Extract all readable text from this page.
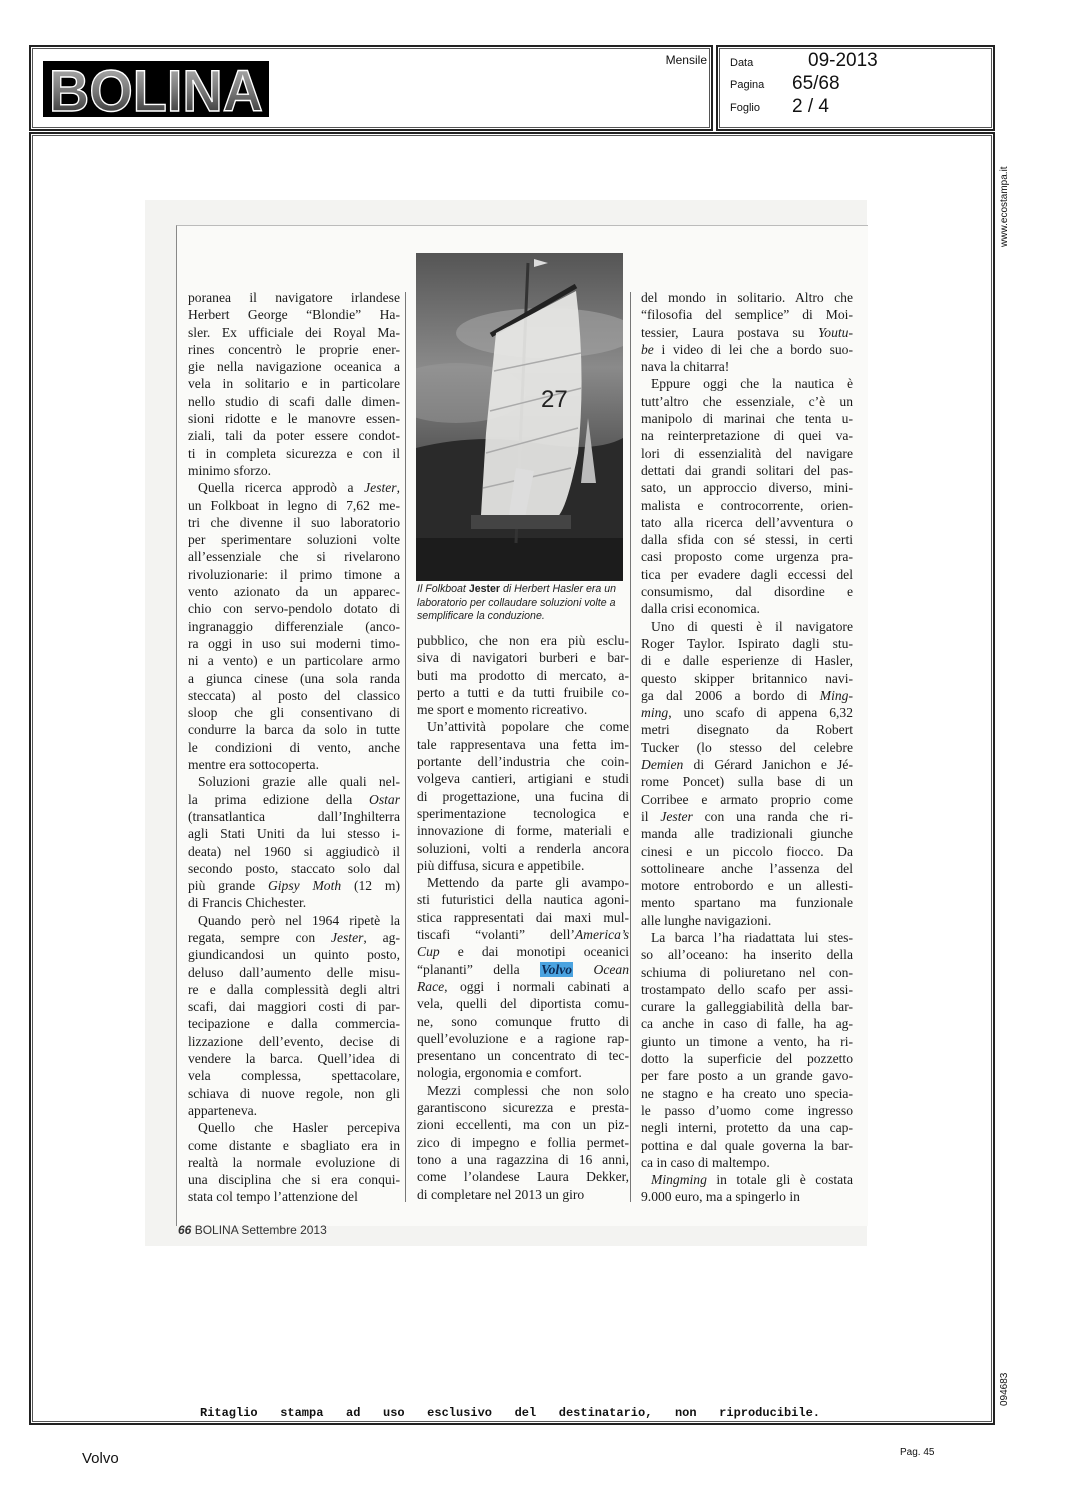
BOLINA	Mensile Data	09-2013
Pagina 65/68
Foglio 2 / 4
poranea il navigatore irlandese
Herbert George “Blondie” Ha-
sler. Ex ufficiale dei Royal Ma-
rines concentrò le proprie ener-
gie nella navigazione oceanica a
vela in solitario e in particolare
nello studio di scafi dalle dimen-
sioni ridotte e le manovre essen-
ziali, tali da poter essere condot-
ti in completa sicurezza e con il
minimo sforzo.
Quella ricerca approdò a Jester,
un Folkboat in legno di 7,62 me-
tri che divenne il suo laboratorio
per sperimentare soluzioni volte
all’essenziale che si rivelarono
rivoluzionarie: il primo timone a
vento azionato da un apparec-
chio con servo-pendolo dotato di
ingranaggio differenziale (anco-
ra oggi in uso sui moderni timo-
ni a vento) e un particolare armo
a giunca cinese (una sola randa
steccata) al posto del classico
sloop che gli consentivano di
condurre la barca da solo in tutte
le condizioni di vento, anche
mentre era sottocoperta.
Soluzioni grazie alle quali nel-
la prima edizione della Ostar
(transatlantica dall’Inghilterra
agli Stati Uniti da lui stesso i-
deata) nel 1960 si aggiudicò il
secondo posto, staccato solo dal
più grande Gipsy Moth (12 m)
di Francis Chichester.
Quando però nel 1964 ripetè la
regata, sempre con Jester, ag-
giundicandosi un quinto posto,
deluso dall’aumento delle misu-
re e dalla complessità degli altri
scafi, dai maggiori costi di par-
tecipazione e dalla commercia-
lizzazione dell’evento, decise di
vendere la barca. Quell’idea di
vela complessa, spettacolare,
schiava di nuove regole, non gli
apparteneva.
Quello che Hasler percepiva
come distante e sbagliato era in
realtà la normale evoluzione di
una disciplina che si era conqui-
stata col tempo l’attenzione del
27
Il Folkboat Jester di Herbert Hasler era un laboratorio per collaudare soluzioni volte a semplificare la conduzione.
pubblico, che non era più esclu-
siva di navigatori burberi e bar-
buti ma prodotto di mercato, a-
perto a tutti e da tutti fruibile co-
me sport e momento ricreativo.
Un’attività popolare che come
tale rappresentava una fetta im-
portante dell’industria che coin-
volgeva cantieri, artigiani e studi
di progettazione, una fucina di
sperimentazione tecnologica e
innovazione di forme, materiali e
soluzioni, volti a renderla ancora
più diffusa, sicura e appetibile.
Mettendo da parte gli avampo-
sti futuristici della nautica agoni-
stica rappresentati dai maxi mul-
tiscafi “volanti” dell’America’s
Cup e dai monotipi oceanici
“plananti” della Volvo Ocean
Race, oggi i normali cabinati a
vela, quelli del diportista comu-
ne, sono comunque frutto di
quell’evoluzione e a ragione rap-
presentano un concentrato di tec-
nologia, ergonomia e comfort.
Mezzi complessi che non solo
garantiscono sicurezza e presta-
zioni eccellenti, ma con un piz-
zico di impegno e follia permet-
tono a una ragazzina di 16 anni,
come l’olandese Laura Dekker,
di completare nel 2013 un giro
del mondo in solitario. Altro che
“filosofia del semplice” di Moi-
tessier, Laura postava su Youtu-
be i video di lei che a bordo suo-
nava la chitarra!
Eppure oggi che la nautica è
tutt’altro che essenziale, c’è un
manipolo di marinai che tenta u-
na reinterpretazione di quei va-
lori di essenzialità del navigare
dettati dai grandi solitari del pas-
sato, un approccio diverso, mini-
malista e controcorrente, orien-
tato alla ricerca dell’avventura o
dalla sfida con sé stessi, in certi
casi proposto come urgenza pra-
tica per evadere dagli eccessi del
consumismo, dal disordine e
dalla crisi economica.
Uno di questi è il navigatore
Roger Taylor. Ispirato dagli stu-
di e dalle esperienze di Hasler,
questo skipper britannico navi-
ga dal 2006 a bordo di Ming-
ming, uno scafo di appena 6,32
metri disegnato da Robert
Tucker (lo stesso del celebre
Demien di Gérard Janichon e Jé-
rome Poncet) sulla base di un
Corribee e armato proprio come
il Jester con una randa che ri-
manda alle tradizionali giunche
cinesi e un piccolo fiocco. Da
sottolineare anche l’assenza del
motore entrobordo e un allesti-
mento spartano ma funzionale
alle lunghe navigazioni.
La barca l’ha riadattata lui stes-
so all’oceano: ha inserito della
schiuma di poliuretano nel con-
trostampato dello scafo per assi-
curare la galleggiabilità della bar-
ca anche in caso di falle, ha ag-
giunto un timone a vento, ha ri-
dotto la superficie del pozzetto
per fare posto a un grande gavo-
ne stagno e ha creato uno specia-
le passo d’uomo come ingresso
negli interni, protetto da una cap-
pottina e dal quale governa la bar-
ca in caso di maltempo.
Mingming in totale gli è costata
9.000 euro, ma a spingerlo in
66 BOLINA Settembre 2013
Ritaglio stampa ad uso esclusivo del destinatario, non riproducibile.
www.ecostampa.it
094683
Volvo	Pag. 45
